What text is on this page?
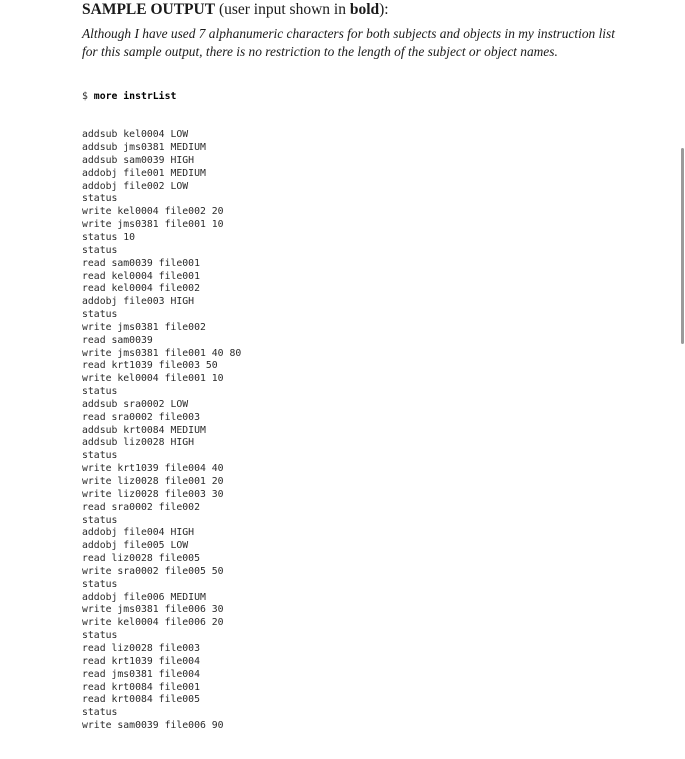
SAMPLE OUTPUT (user input shown in bold):

Although I have used 7 alphanumeric characters for both subjects and objects in my instruction list for this sample output, there is no restriction to the length of the subject or object names.

$ more instrList

addsub kel0004 LOW
addsub jms0381 MEDIUM
addsub sam0039 HIGH
addobj file001 MEDIUM
addobj file002 LOW
status
write kel0004 file002 20
write jms0381 file001 10
status 10
status
read sam0039 file001
read kel0004 file001
read kel0004 file002
addobj file003 HIGH
status
write jms0381 file002
read sam0039
write jms0381 file001 40 80
read krt1039 file003 50
write kel0004 file001 10
status
addsub sra0002 LOW
read sra0002 file003
addsub krt0084 MEDIUM
addsub liz0028 HIGH
status
write krt1039 file004 40
write liz0028 file001 20
write liz0028 file003 30
read sra0002 file002
status
addobj file004 HIGH
addobj file005 LOW
read liz0028 file005
write sra0002 file005 50
status
addobj file006 MEDIUM
write jms0381 file006 30
write kel0004 file006 20
status
read liz0028 file003
read krt1039 file004
read jms0381 file004
read krt0084 file001
read krt0084 file005
status
write sam0039 file006 90
